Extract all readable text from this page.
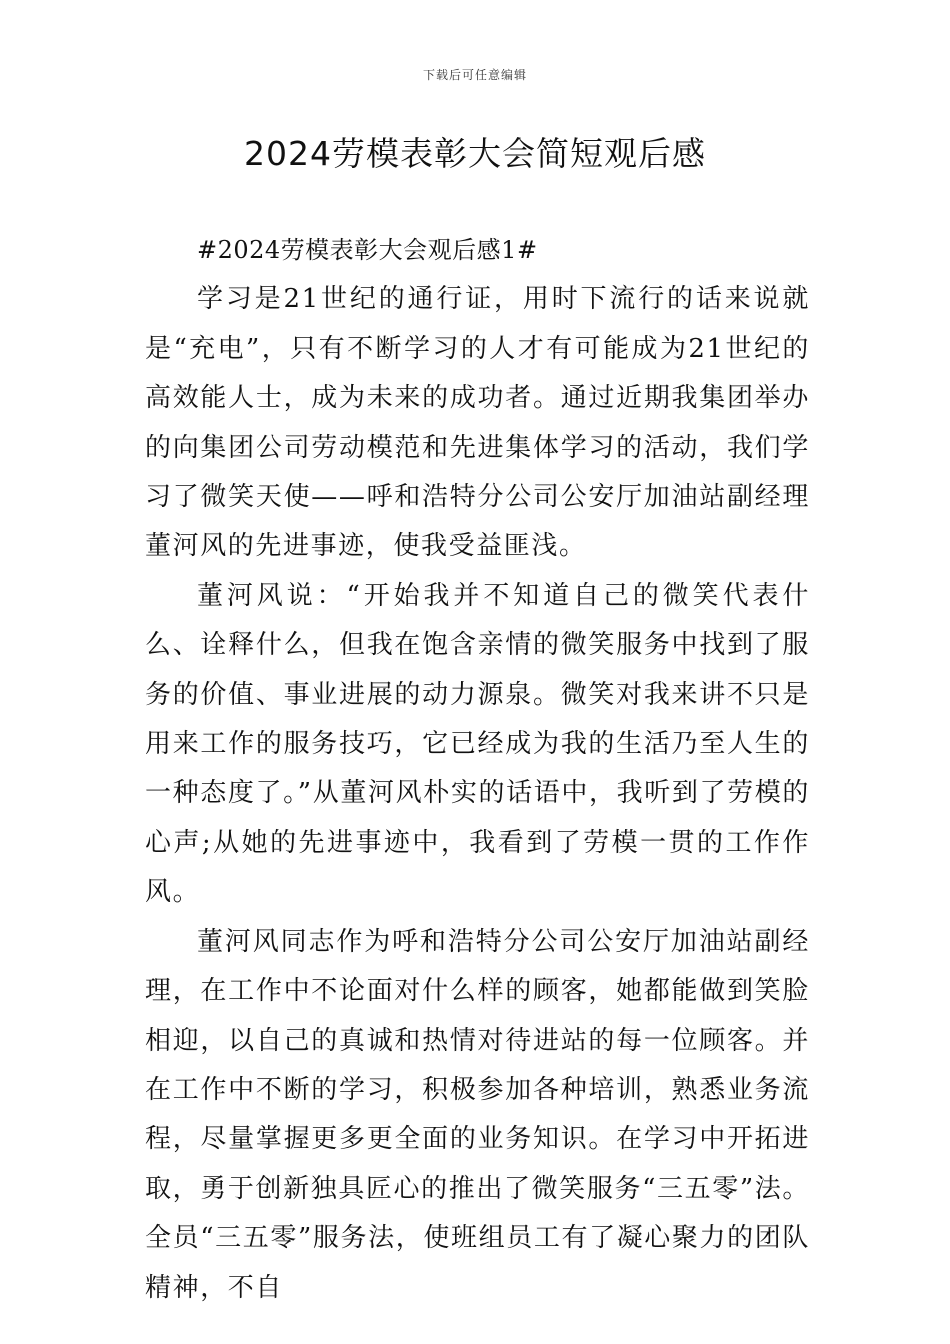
下载后可任意编辑
2024劳模表彰大会简短观后感

#2024劳模表彰大会观后感1#

学习是21世纪的通行证，用时下流行的话来说就是“充电”，只有不断学习的人才有可能成为21世纪的高效能人士，成为未来的成功者。通过近期我集团举办的向集团公司劳动模范和先进集体学习的活动，我们学习了微笑天使——呼和浩特分公司公安厅加油站副经理董河风的先进事迹，使我受益匪浅。

董河风说：“开始我并不知道自己的微笑代表什么、诠释什么，但我在饱含亲情的微笑服务中找到了服务的价值、事业进展的动力源泉。微笑对我来讲不只是用来工作的服务技巧，它已经成为我的生活乃至人生的一种态度了。”从董河风朴实的话语中，我听到了劳模的心声;从她的先进事迹中，我看到了劳模一贯的工作作风。

董河风同志作为呼和浩特分公司公安厅加油站副经理，在工作中不论面对什么样的顾客，她都能做到笑脸相迎，以自己的真诚和热情对待进站的每一位顾客。并在工作中不断的学习，积极参加各种培训，熟悉业务流程，尽量掌握更多更全面的业务知识。在学习中开拓进取，勇于创新独具匠心的推出了微笑服务“三五零”法。全员“三五零”服务法，使班组员工有了凝心聚力的团队精神，不自
